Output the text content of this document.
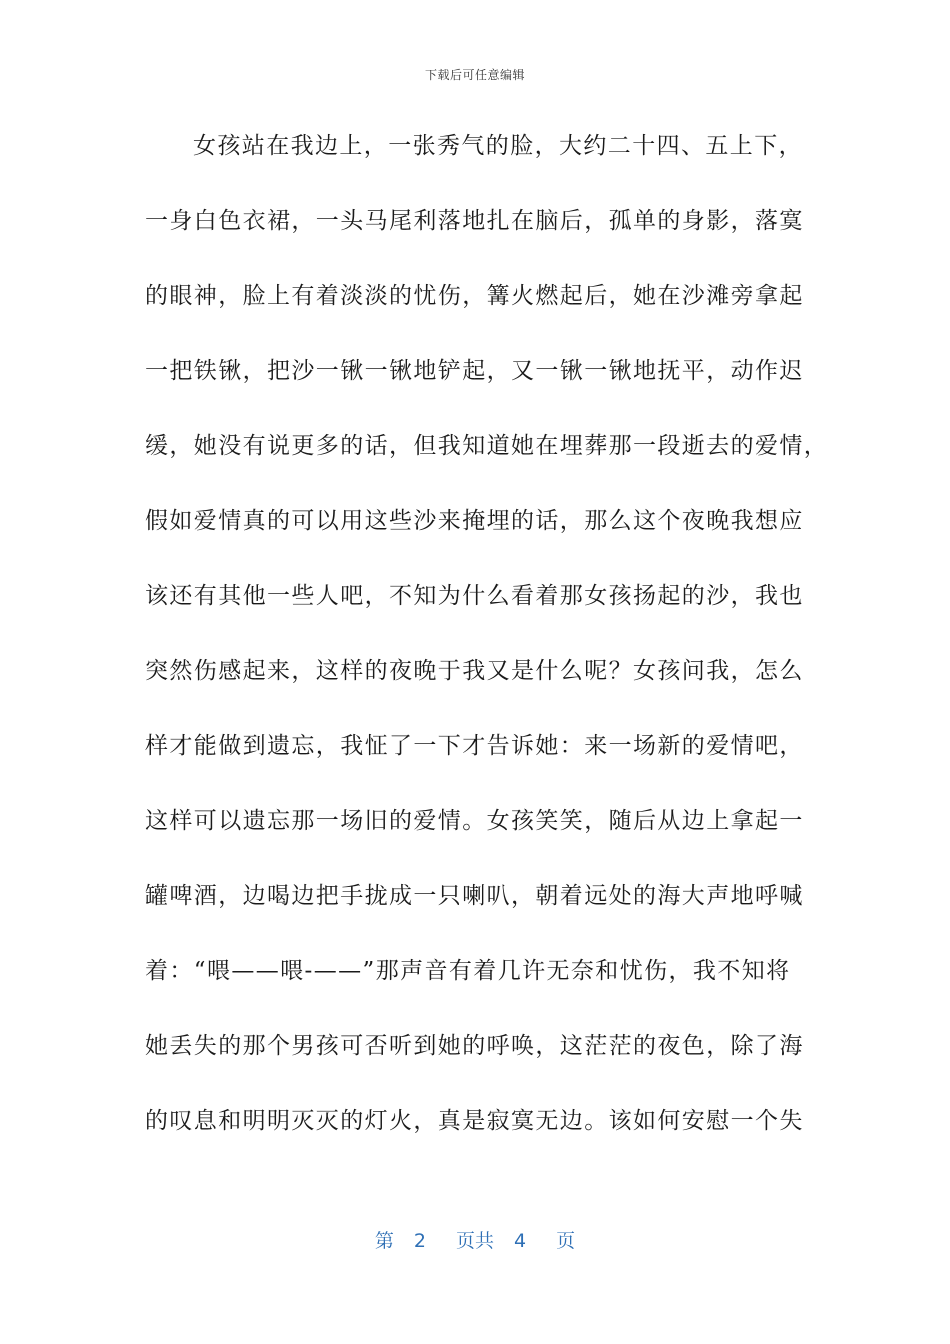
下载后可任意编辑
女孩站在我边上，一张秀气的脸，大约二十四、五上下，
一身白色衣裙，一头马尾利落地扎在脑后，孤单的身影，落寞
的眼神，脸上有着淡淡的忧伤，篝火燃起后，她在沙滩旁拿起
一把铁锹，把沙一锹一锹地铲起，又一锹一锹地抚平，动作迟
缓，她没有说更多的话，但我知道她在埋葬那一段逝去的爱情，
假如爱情真的可以用这些沙来掩埋的话，那么这个夜晚我想应
该还有其他一些人吧，不知为什么看着那女孩扬起的沙，我也
突然伤感起来，这样的夜晚于我又是什么呢？女孩问我，怎么
样才能做到遗忘，我怔了一下才告诉她：来一场新的爱情吧，
这样可以遗忘那一场旧的爱情。女孩笑笑，随后从边上拿起一
罐啤酒，边喝边把手拢成一只喇叭，朝着远处的海大声地呼喊
着：“喂——喂-——”那声音有着几许无奈和忧伤，我不知将
她丢失的那个男孩可否听到她的呼唤，这茫茫的夜色，除了海
的叹息和明明灭灭的灯火，真是寂寞无边。该如何安慰一个失
第 2 页共 4 页
